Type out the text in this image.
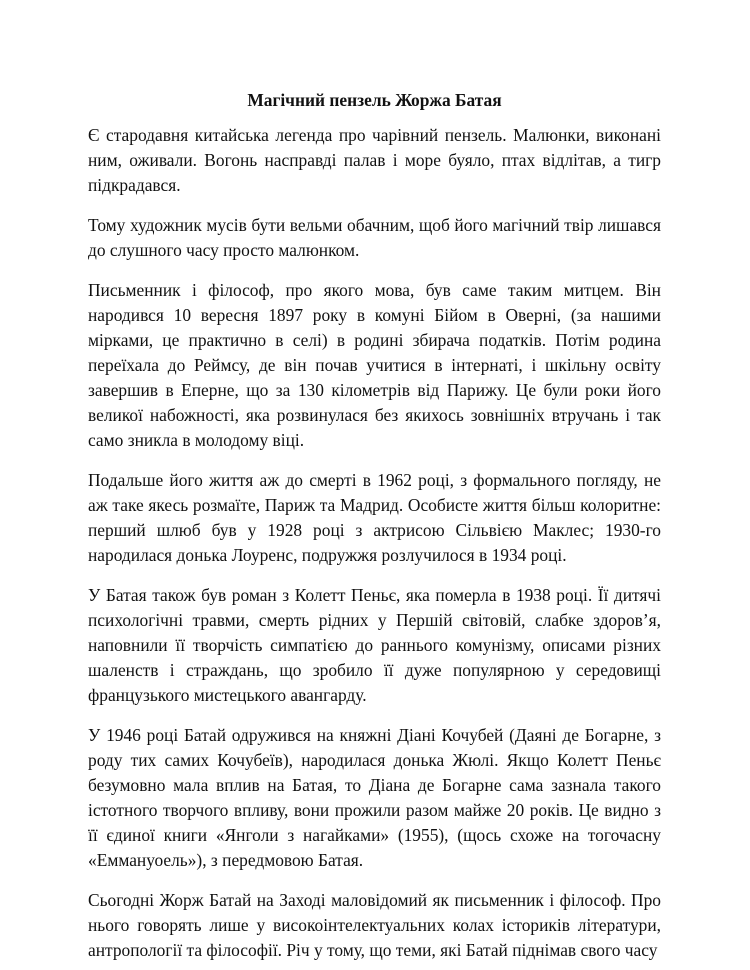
Магічний пензель Жоржа Батая

Є стародавня китайська легенда про чарівний пензель. Малюнки, виконані ним, оживали. Вогонь насправді палав і море буяло, птах відлітав, а тигр підкрадався.

Тому художник мусів бути вельми обачним, щоб його магічний твір лишався до слушного часу просто малюнком.

Письменник і філософ, про якого мова, був саме таким митцем. Він народився 10 вересня 1897 року в комуні Бійом в Оверні, (за нашими мірками, це практично в селі) в родині збирача податків. Потім родина переїхала до Реймсу, де він почав учитися в інтернаті, і шкільну освіту завершив в Еперне, що за 130 кілометрів від Парижу. Це були роки його великої набожності, яка розвинулася без якихось зовнішніх втручань і так само зникла в молодому віці.

Подальше його життя аж до смерті в 1962 році, з формального погляду, не аж таке якесь розмаїте, Париж та Мадрид. Особисте життя більш колоритне: перший шлюб був у 1928 році з актрисою Сільвією Маклес; 1930-го народилася донька Лоуренс, подружжя розлучилося в 1934 році.

У Батая також був роман з Колетт Пеньє, яка померла в 1938 році. Її дитячі психологічні травми, смерть рідних у Першій світовій, слабке здоров’я, наповнили її творчість симпатією до раннього комунізму, описами різних шаленств і страждань, що зробило її дуже популярною у середовищі французького мистецького авангарду.

У 1946 році Батай одружився на княжні Діані Кочубей (Даяні де Богарне, з роду тих самих Кочубеїв), народилася донька Жюлі. Якщо Колетт Пеньє безумовно мала вплив на Батая, то Діана де Богарне сама зазнала такого істотного творчого впливу, вони прожили разом майже 20 років. Це видно з її єдиної книги «Янголи з нагайками» (1955), (щось схоже на тогочасну «Еммануоель»), з передмовою Батая.

Сьогодні Жорж Батай на Заході маловідомий як письменник і філософ. Про нього говорять лише у високоінтелектуальних колах істориків літератури, антропології та філософії. Річ у тому, що теми, які Батай піднімав свого часу
